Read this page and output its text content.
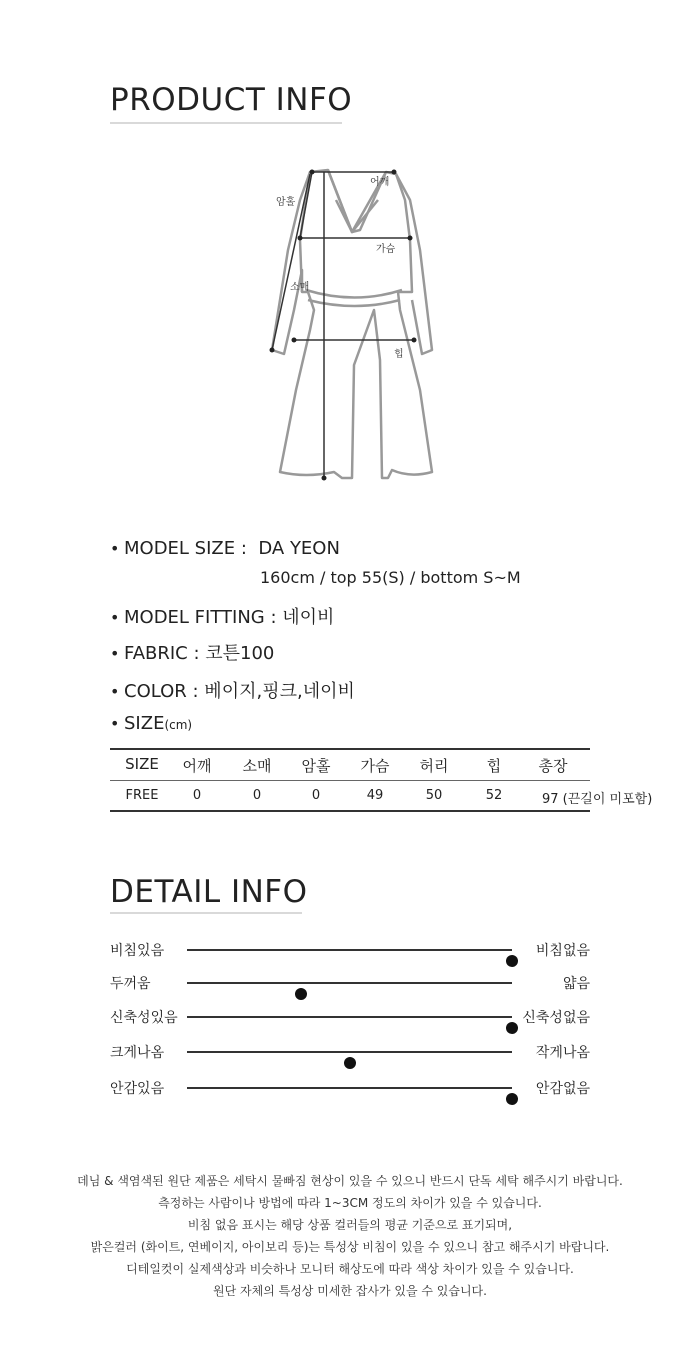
PRODUCT INFO
어깨
암홀
가슴
소매
힙
• MODEL SIZE : DA YEON
160cm / top 55(S) / bottom S~M
• MODEL FITTING : 네이비
• FABRIC : 코튼100
• COLOR : 베이지,핑크,네이비
• SIZE(cm)
SIZE	어깨	소매	암홀	가슴	허리	힙	총장
FREE	0	0	0	49	50	52	97 (끈길이 미포함)
DETAIL INFO
비침있음	비침없음
두꺼움	얇음
신축성있음	신축성없음
크게나옴	작게나옴
안감있음	안감없음
데님 & 색염색된 원단 제품은 세탁시 물빠짐 현상이 있을 수 있으니 반드시 단독 세탁 해주시기 바랍니다.
측정하는 사람이나 방법에 따라 1~3CM 정도의 차이가 있을 수 있습니다.
비침 없음 표시는 해당 상품 컬러들의 평균 기준으로 표기되며,
밝은컬러 (화이트, 연베이지, 아이보리 등)는 특성상 비침이 있을 수 있으니 참고 해주시기 바랍니다.
디테일컷이 실제색상과 비슷하나 모니터 해상도에 따라 색상 차이가 있을 수 있습니다.
원단 자체의 특성상 미세한 잡사가 있을 수 있습니다.
